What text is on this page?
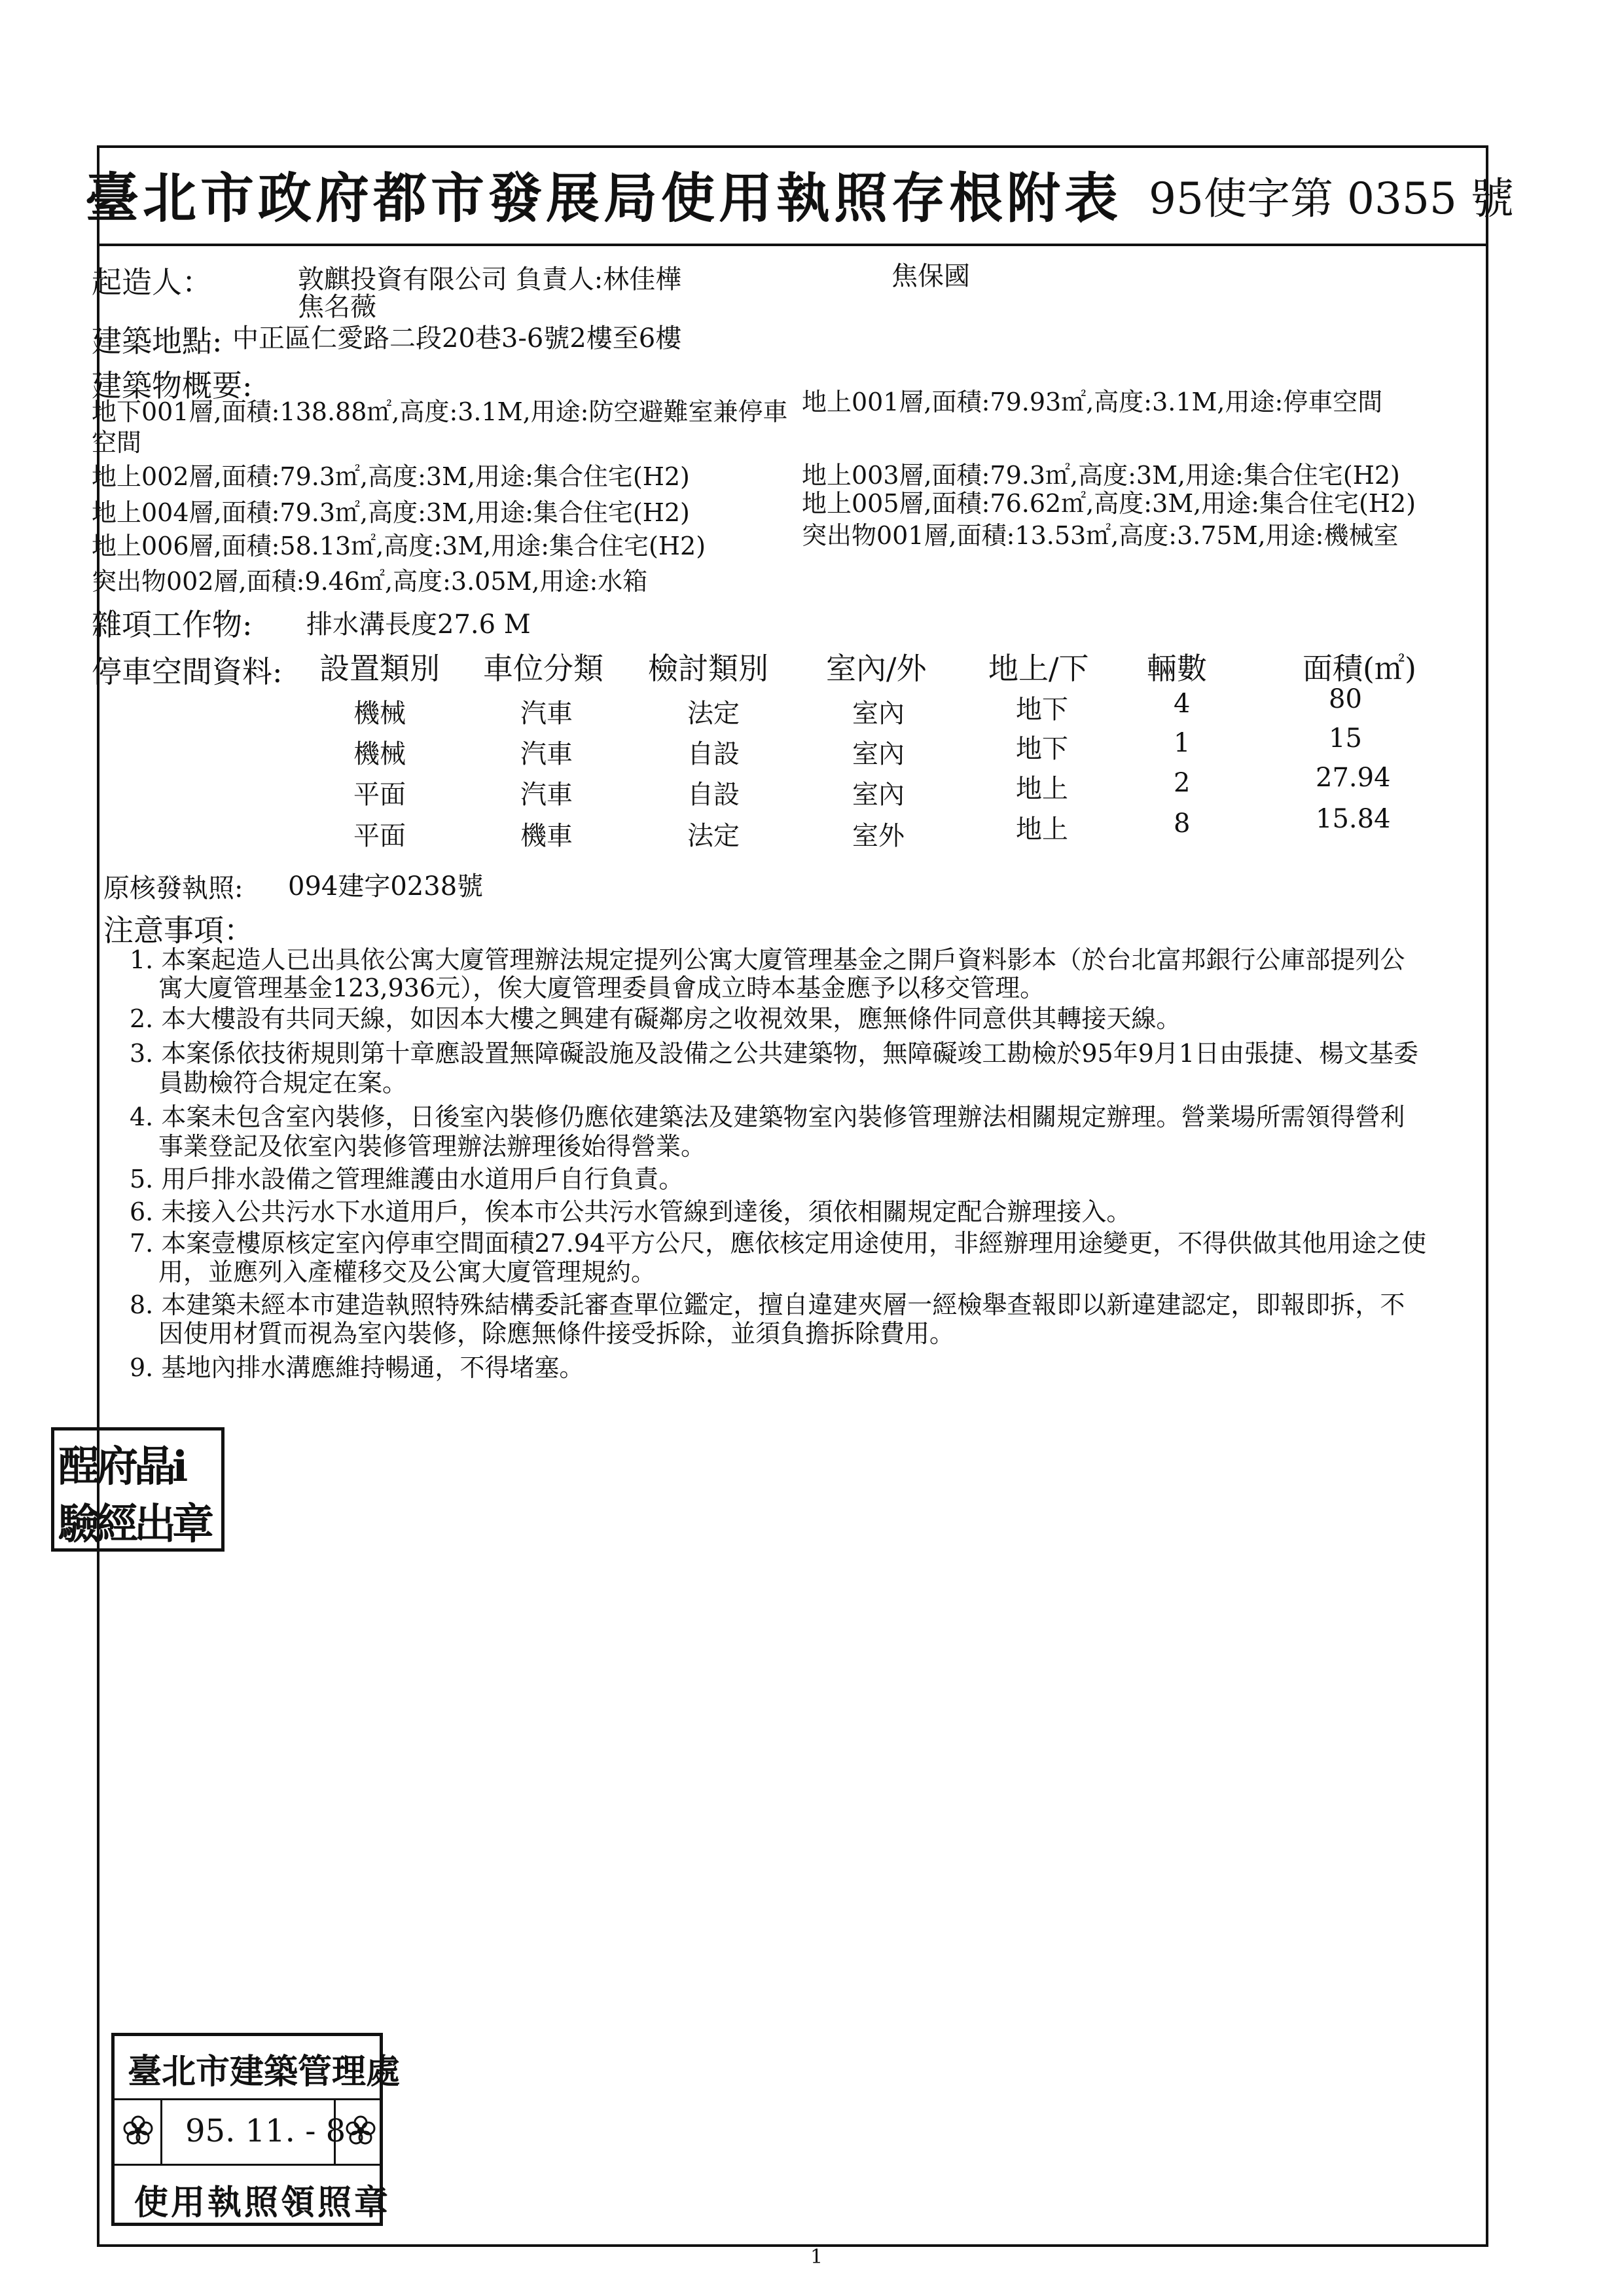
臺北市政府都市發展局使用執照存根附表 95使字第 0355 號
起造人：	敦麒投資有限公司 負責人:林佳樺
焦名薇
焦保國
建築地點: 中正區仁愛路二段20巷3-6號2樓至6樓
建築物概要:
地下001層,面積:138.88㎡,高度:3.1M,用途:防空避難室兼停車
空間
地上002層,面積:79.3㎡,高度:3M,用途:集合住宅(H2)
地上004層,面積:79.3㎡,高度:3M,用途:集合住宅(H2)
地上006層,面積:58.13㎡,高度:3M,用途:集合住宅(H2)
突出物002層,面積:9.46㎡,高度:3.05M,用途:水箱
地上001層,面積:79.93㎡,高度:3.1M,用途:停車空間
地上003層,面積:79.3㎡,高度:3M,用途:集合住宅(H2)
地上005層,面積:76.62㎡,高度:3M,用途:集合住宅(H2)
突出物001層,面積:13.53㎡,高度:3.75M,用途:機械室
雜項工作物: 排水溝長度27.6 M
停車空間資料: 設置類別 車位分類 檢討類別 室內/外 地上/下 輛數	面積(㎡)
機械	汽車	法定	室內	地下	4	80
機械	汽車	自設	室內	地下	1	15
平面	汽車	自設	室內	地上	2	27.94
平面	機車	法定	室外	地上	8	15.84
原核發執照: 094建字0238號
注意事項：
1. 本案起造人已出具依公寓大廈管理辦法規定提列公寓大廈管理基金之開戶資料影本（於台北富邦銀行公庫部提列公
寓大廈管理基金123,936元），俟大廈管理委員會成立時本基金應予以移交管理。
2. 本大樓設有共同天線，如因本大樓之興建有礙鄰房之收視效果，應無條件同意供其轉接天線。
3. 本案係依技術規則第十章應設置無障礙設施及設備之公共建築物，無障礙竣工勘檢於95年9月1日由張捷、楊文基委
員勘檢符合規定在案。
4. 本案未包含室內裝修，日後室內裝修仍應依建築法及建築物室內裝修管理辦法相關規定辦理。營業場所需領得營利
事業登記及依室內裝修管理辦法辦理後始得營業。
5. 用戶排水設備之管理維護由水道用戶自行負責。
6. 未接入公共污水下水道用戶，俟本市公共污水管線到達後，須依相關規定配合辦理接入。
7. 本案壹樓原核定室內停車空間面積27.94平方公尺，應依核定用途使用，非經辦理用途變更，不得供做其他用途之使
用，並應列入產權移交及公寓大廈管理規約。
8. 本建築未經本市建造執照特殊結構委託審查單位鑑定，擅自違建夾層一經檢舉查報即以新違建認定，即報即拆，不
因使用材質而視為室內裝修，除應無條件接受拆除，並須負擔拆除費用。
9. 基地內排水溝應維持暢通，不得堵塞。
酲府晶ⅰ
驗經出章
臺北市建築管理處
95. 11. - 8
使用執照領照章
1
